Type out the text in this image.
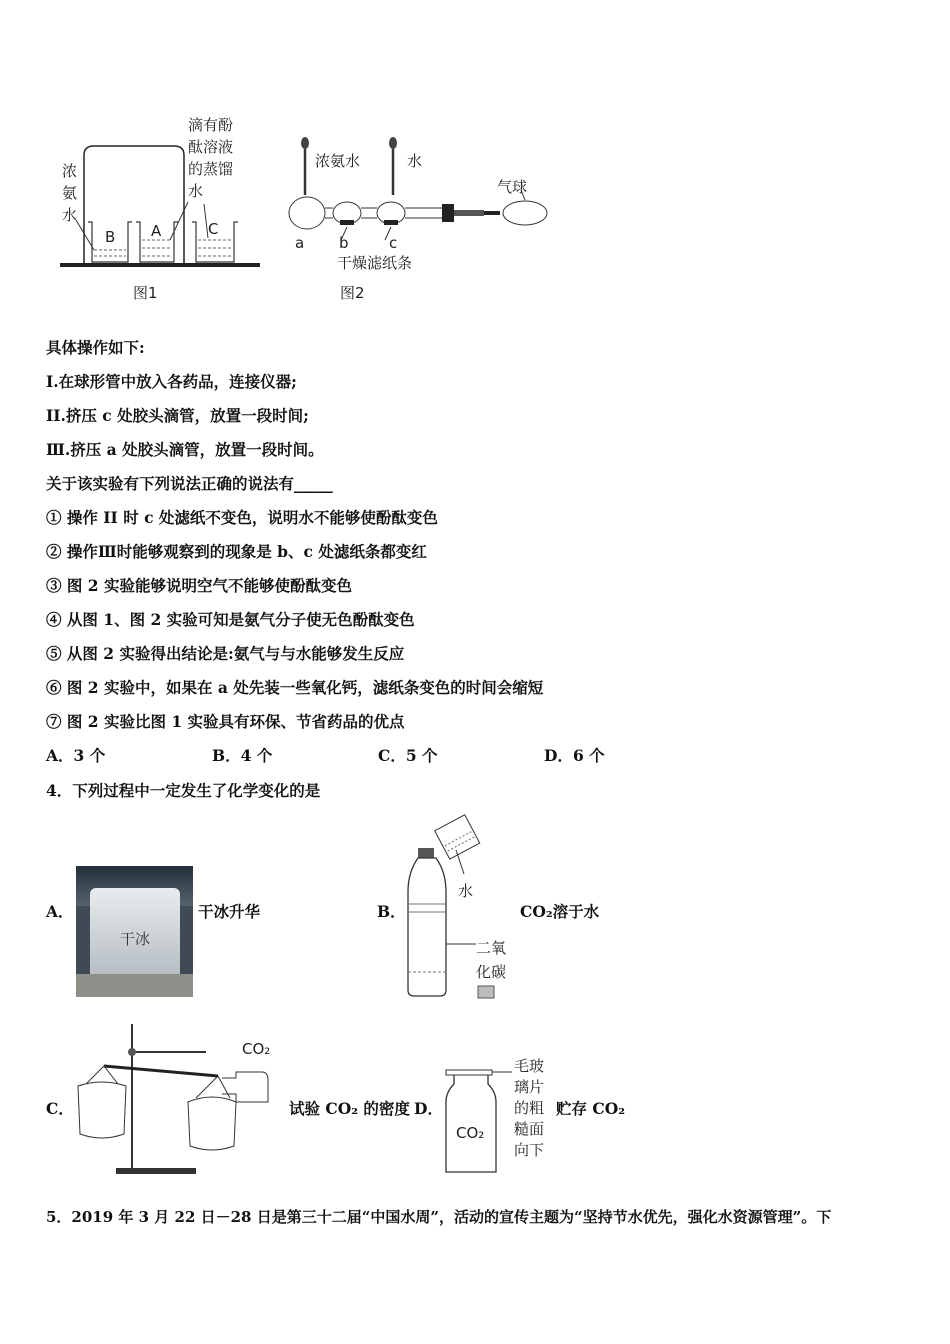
B A	C
浓
氨
水
滴有酚
酞溶液
的蒸馏
水
图1
浓氨水	水
气球
a b	c
干燥滤纸条
图2
具体操作如下:
I.在球形管中放入各药品，连接仪器;
II.挤压 c 处胶头滴管，放置一段时间;
Ⅲ.挤压 a 处胶头滴管，放置一段时间。
关于该实验有下列说法正确的说法有_____
① 操作 II 时 c 处滤纸不变色，说明水不能够使酚酞变色
② 操作Ⅲ时能够观察到的现象是 b、c 处滤纸条都变红
③ 图 2 实验能够说明空气不能够使酚酞变色
④ 从图 1、图 2 实验可知是氨气分子使无色酚酞变色
⑤ 从图 2 实验得出结论是:氨气与与水能够发生反应
⑥ 图 2 实验中，如果在 a 处先装一些氧化钙，滤纸条变色的时间会缩短
⑦ 图 2 实验比图 1 实验具有环保、节省药品的优点
A．3 个	B．4 个	C．5 个	D．6 个
4．下列过程中一定发生了化学变化的是
A．
干冰
干冰升华	B．
水
二氧
化碳
CO₂溶于水
C．
CO₂
试验 CO₂ 的密度 D．
CO₂
毛玻
璃片
的粗
糙面
向下
贮存 CO₂
5．2019 年 3 月 22 日－28 日是第三十二届“中国水周”，活动的宣传主题为“坚持节水优先，强化水资源管理”。下
